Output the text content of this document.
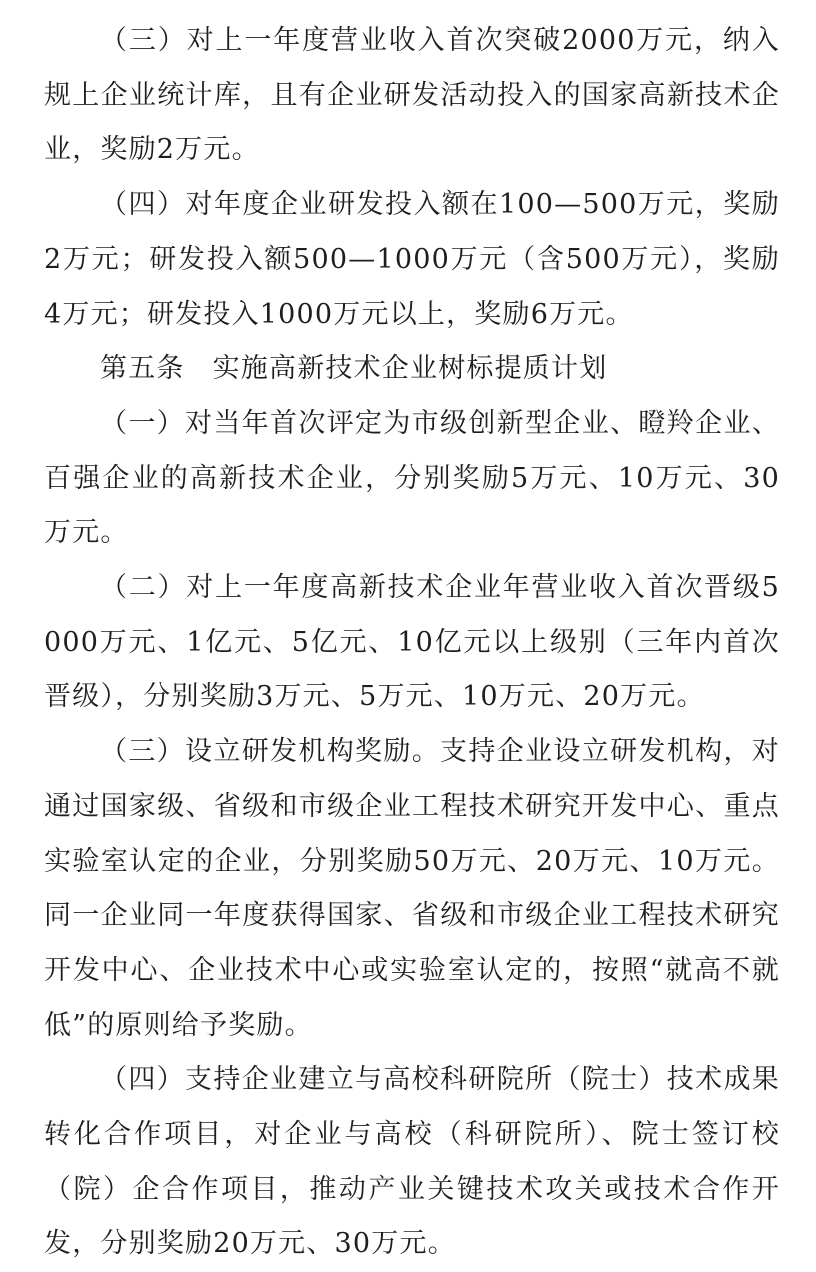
（三）对上一年度营业收入首次突破2000万元，纳入规上企业统计库，且有企业研发活动投入的国家高新技术企业，奖励2万元。

（四）对年度企业研发投入额在100—500万元，奖励2万元；研发投入额500—1000万元（含500万元），奖励4万元；研发投入1000万元以上，奖励6万元。

第五条 实施高新技术企业树标提质计划

（一）对当年首次评定为市级创新型企业、瞪羚企业、百强企业的高新技术企业，分别奖励5万元、10万元、30万元。

（二）对上一年度高新技术企业年营业收入首次晋级5000万元、1亿元、5亿元、10亿元以上级别（三年内首次晋级），分别奖励3万元、5万元、10万元、20万元。

（三）设立研发机构奖励。支持企业设立研发机构，对通过国家级、省级和市级企业工程技术研究开发中心、重点实验室认定的企业，分别奖励50万元、20万元、10万元。同一企业同一年度获得国家、省级和市级企业工程技术研究开发中心、企业技术中心或实验室认定的，按照“就高不就低”的原则给予奖励。

（四）支持企业建立与高校科研院所（院士）技术成果转化合作项目，对企业与高校（科研院所）、院士签订校（院）企合作项目，推动产业关键技术攻关或技术合作开发，分别奖励20万元、30万元。
